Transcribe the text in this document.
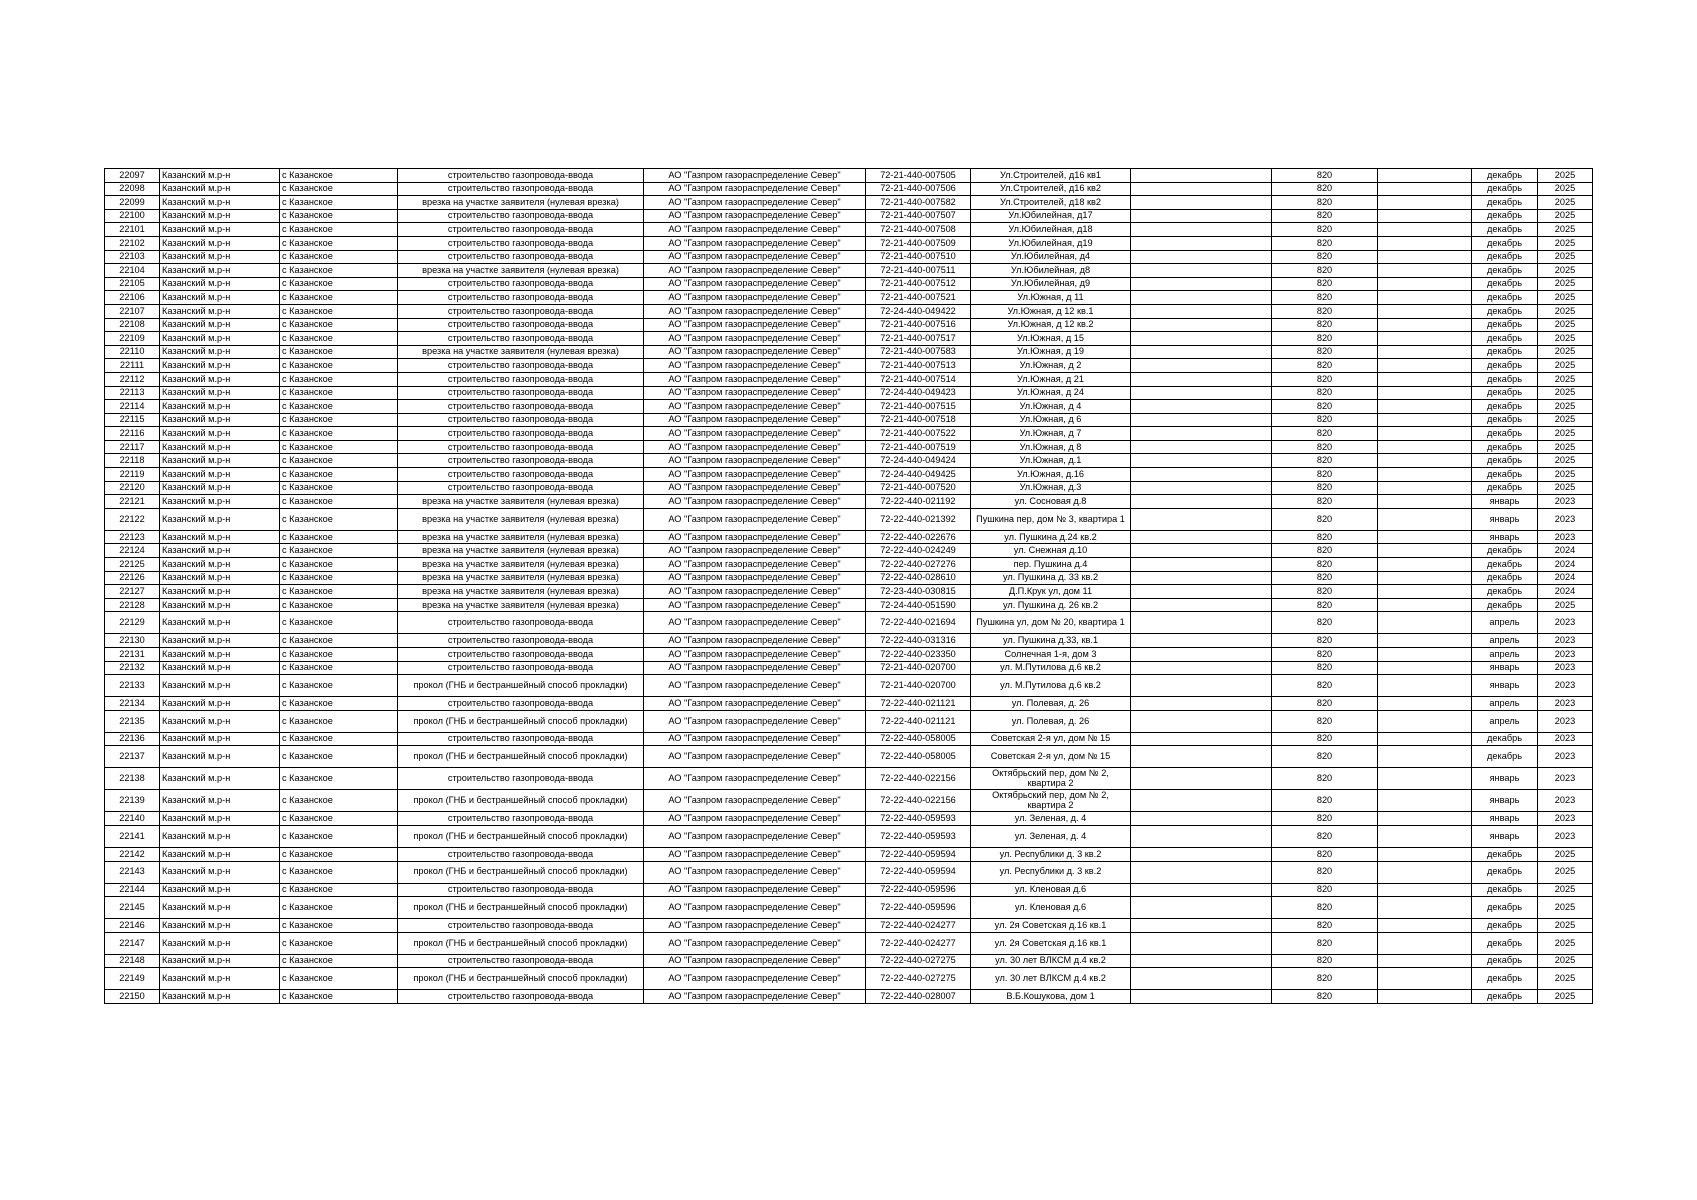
22097	Казанский м.р-н	с Казанское	строительство газопровода-ввода	АО "Газпром газораспределение Север"	72-21-440-007505	Ул.Строителей, д16 кв1		820		декабрь	2025
22098	Казанский м.р-н	с Казанское	строительство газопровода-ввода	АО "Газпром газораспределение Север"	72-21-440-007506	Ул.Строителей, д16 кв2		820		декабрь	2025
22099	Казанский м.р-н	с Казанское	врезка на участке заявителя (нулевая врезка)	АО "Газпром газораспределение Север"	72-21-440-007582	Ул.Строителей, д18 кв2		820		декабрь	2025
22100	Казанский м.р-н	с Казанское	строительство газопровода-ввода	АО "Газпром газораспределение Север"	72-21-440-007507	Ул.Юбилейная, д17		820		декабрь	2025
22101	Казанский м.р-н	с Казанское	строительство газопровода-ввода	АО "Газпром газораспределение Север"	72-21-440-007508	Ул.Юбилейная, д18		820		декабрь	2025
22102	Казанский м.р-н	с Казанское	строительство газопровода-ввода	АО "Газпром газораспределение Север"	72-21-440-007509	Ул.Юбилейная, д19		820		декабрь	2025
22103	Казанский м.р-н	с Казанское	строительство газопровода-ввода	АО "Газпром газораспределение Север"	72-21-440-007510	Ул.Юбилейная, д4		820		декабрь	2025
22104	Казанский м.р-н	с Казанское	врезка на участке заявителя (нулевая врезка)	АО "Газпром газораспределение Север"	72-21-440-007511	Ул.Юбилейная, д8		820		декабрь	2025
22105	Казанский м.р-н	с Казанское	строительство газопровода-ввода	АО "Газпром газораспределение Север"	72-21-440-007512	Ул.Юбилейная, д9		820		декабрь	2025
22106	Казанский м.р-н	с Казанское	строительство газопровода-ввода	АО "Газпром газораспределение Север"	72-21-440-007521	Ул.Южная, д 11		820		декабрь	2025
22107	Казанский м.р-н	с Казанское	строительство газопровода-ввода	АО "Газпром газораспределение Север"	72-24-440-049422	Ул.Южная, д 12 кв.1		820		декабрь	2025
22108	Казанский м.р-н	с Казанское	строительство газопровода-ввода	АО "Газпром газораспределение Север"	72-21-440-007516	Ул.Южная, д 12 кв.2		820		декабрь	2025
22109	Казанский м.р-н	с Казанское	строительство газопровода-ввода	АО "Газпром газораспределение Север"	72-21-440-007517	Ул.Южная, д 15		820		декабрь	2025
22110	Казанский м.р-н	с Казанское	врезка на участке заявителя (нулевая врезка)	АО "Газпром газораспределение Север"	72-21-440-007583	Ул.Южная, д 19		820		декабрь	2025
22111	Казанский м.р-н	с Казанское	строительство газопровода-ввода	АО "Газпром газораспределение Север"	72-21-440-007513	Ул.Южная, д 2		820		декабрь	2025
22112	Казанский м.р-н	с Казанское	строительство газопровода-ввода	АО "Газпром газораспределение Север"	72-21-440-007514	Ул.Южная, д 21		820		декабрь	2025
22113	Казанский м.р-н	с Казанское	строительство газопровода-ввода	АО "Газпром газораспределение Север"	72-24-440-049423	Ул.Южная, д 24		820		декабрь	2025
22114	Казанский м.р-н	с Казанское	строительство газопровода-ввода	АО "Газпром газораспределение Север"	72-21-440-007515	Ул.Южная, д 4		820		декабрь	2025
22115	Казанский м.р-н	с Казанское	строительство газопровода-ввода	АО "Газпром газораспределение Север"	72-21-440-007518	Ул.Южная, д 6		820		декабрь	2025
22116	Казанский м.р-н	с Казанское	строительство газопровода-ввода	АО "Газпром газораспределение Север"	72-21-440-007522	Ул.Южная, д 7		820		декабрь	2025
22117	Казанский м.р-н	с Казанское	строительство газопровода-ввода	АО "Газпром газораспределение Север"	72-21-440-007519	Ул.Южная, д 8		820		декабрь	2025
22118	Казанский м.р-н	с Казанское	строительство газопровода-ввода	АО "Газпром газораспределение Север"	72-24-440-049424	Ул.Южная, д.1		820		декабрь	2025
22119	Казанский м.р-н	с Казанское	строительство газопровода-ввода	АО "Газпром газораспределение Север"	72-24-440-049425	Ул.Южная, д.16		820		декабрь	2025
22120	Казанский м.р-н	с Казанское	строительство газопровода-ввода	АО "Газпром газораспределение Север"	72-21-440-007520	Ул.Южная, д.3		820		декабрь	2025
22121	Казанский м.р-н	с Казанское	врезка на участке заявителя (нулевая врезка)	АО "Газпром газораспределение Север"	72-22-440-021192	ул. Сосновая д.8		820		январь	2023
22122	Казанский м.р-н	с Казанское	врезка на участке заявителя (нулевая врезка)	АО "Газпром газораспределение Север"	72-22-440-021392	Пушкина пер, дом № 3, квартира 1		820		январь	2023
22123	Казанский м.р-н	с Казанское	врезка на участке заявителя (нулевая врезка)	АО "Газпром газораспределение Север"	72-22-440-022676	ул. Пушкина д.24 кв.2		820		январь	2023
22124	Казанский м.р-н	с Казанское	врезка на участке заявителя (нулевая врезка)	АО "Газпром газораспределение Север"	72-22-440-024249	ул. Снежная д.10		820		декабрь	2024
22125	Казанский м.р-н	с Казанское	врезка на участке заявителя (нулевая врезка)	АО "Газпром газораспределение Север"	72-22-440-027276	пер. Пушкина д.4		820		декабрь	2024
22126	Казанский м.р-н	с Казанское	врезка на участке заявителя (нулевая врезка)	АО "Газпром газораспределение Север"	72-22-440-028610	ул. Пушкина д. 33 кв.2		820		декабрь	2024
22127	Казанский м.р-н	с Казанское	врезка на участке заявителя (нулевая врезка)	АО "Газпром газораспределение Север"	72-23-440-030815	Д.П.Крук ул, дом 11		820		декабрь	2024
22128	Казанский м.р-н	с Казанское	врезка на участке заявителя (нулевая врезка)	АО "Газпром газораспределение Север"	72-24-440-051590	ул. Пушкина д. 26 кв.2		820		декабрь	2025
22129	Казанский м.р-н	с Казанское	строительство газопровода-ввода	АО "Газпром газораспределение Север"	72-22-440-021694	Пушкина ул, дом № 20, квартира 1		820		апрель	2023
22130	Казанский м.р-н	с Казанское	строительство газопровода-ввода	АО "Газпром газораспределение Север"	72-22-440-031316	ул. Пушкина д.33, кв.1		820		апрель	2023
22131	Казанский м.р-н	с Казанское	строительство газопровода-ввода	АО "Газпром газораспределение Север"	72-22-440-023350	Солнечная 1-я, дом 3		820		апрель	2023
22132	Казанский м.р-н	с Казанское	строительство газопровода-ввода	АО "Газпром газораспределение Север"	72-21-440-020700	ул. М.Путилова д.6 кв.2		820		январь	2023
22133	Казанский м.р-н	с Казанское	прокол (ГНБ и бестраншейный способ прокладки)	АО "Газпром газораспределение Север"	72-21-440-020700	ул. М.Путилова д.6 кв.2		820		январь	2023
22134	Казанский м.р-н	с Казанское	строительство газопровода-ввода	АО "Газпром газораспределение Север"	72-22-440-021121	ул. Полевая, д. 26		820		апрель	2023
22135	Казанский м.р-н	с Казанское	прокол (ГНБ и бестраншейный способ прокладки)	АО "Газпром газораспределение Север"	72-22-440-021121	ул. Полевая, д. 26		820		апрель	2023
22136	Казанский м.р-н	с Казанское	строительство газопровода-ввода	АО "Газпром газораспределение Север"	72-22-440-058005	Советская 2-я ул, дом № 15		820		декабрь	2023
22137	Казанский м.р-н	с Казанское	прокол (ГНБ и бестраншейный способ прокладки)	АО "Газпром газораспределение Север"	72-22-440-058005	Советская 2-я ул, дом № 15		820		декабрь	2023
22138	Казанский м.р-н	с Казанское	строительство газопровода-ввода	АО "Газпром газораспределение Север"	72-22-440-022156	Октябрьский пер, дом № 2, квартира 2		820		январь	2023
22139	Казанский м.р-н	с Казанское	прокол (ГНБ и бестраншейный способ прокладки)	АО "Газпром газораспределение Север"	72-22-440-022156	Октябрьский пер, дом № 2, квартира 2		820		январь	2023
22140	Казанский м.р-н	с Казанское	строительство газопровода-ввода	АО "Газпром газораспределение Север"	72-22-440-059593	ул. Зеленая, д. 4		820		январь	2023
22141	Казанский м.р-н	с Казанское	прокол (ГНБ и бестраншейный способ прокладки)	АО "Газпром газораспределение Север"	72-22-440-059593	ул. Зеленая, д. 4		820		январь	2023
22142	Казанский м.р-н	с Казанское	строительство газопровода-ввода	АО "Газпром газораспределение Север"	72-22-440-059594	ул. Республики д. 3 кв.2		820		декабрь	2025
22143	Казанский м.р-н	с Казанское	прокол (ГНБ и бестраншейный способ прокладки)	АО "Газпром газораспределение Север"	72-22-440-059594	ул. Республики д. 3 кв.2		820		декабрь	2025
22144	Казанский м.р-н	с Казанское	строительство газопровода-ввода	АО "Газпром газораспределение Север"	72-22-440-059596	ул. Кленовая д.6		820		декабрь	2025
22145	Казанский м.р-н	с Казанское	прокол (ГНБ и бестраншейный способ прокладки)	АО "Газпром газораспределение Север"	72-22-440-059596	ул. Кленовая д.6		820		декабрь	2025
22146	Казанский м.р-н	с Казанское	строительство газопровода-ввода	АО "Газпром газораспределение Север"	72-22-440-024277	ул. 2я Советская д.16 кв.1		820		декабрь	2025
22147	Казанский м.р-н	с Казанское	прокол (ГНБ и бестраншейный способ прокладки)	АО "Газпром газораспределение Север"	72-22-440-024277	ул. 2я Советская д.16 кв.1		820		декабрь	2025
22148	Казанский м.р-н	с Казанское	строительство газопровода-ввода	АО "Газпром газораспределение Север"	72-22-440-027275	ул. 30 лет ВЛКСМ д.4 кв.2		820		декабрь	2025
22149	Казанский м.р-н	с Казанское	прокол (ГНБ и бестраншейный способ прокладки)	АО "Газпром газораспределение Север"	72-22-440-027275	ул. 30 лет ВЛКСМ д.4 кв.2		820		декабрь	2025
22150	Казанский м.р-н	с Казанское	строительство газопровода-ввода	АО "Газпром газораспределение Север"	72-22-440-028007	В.Б.Кошукова, дом 1		820		декабрь	2025
